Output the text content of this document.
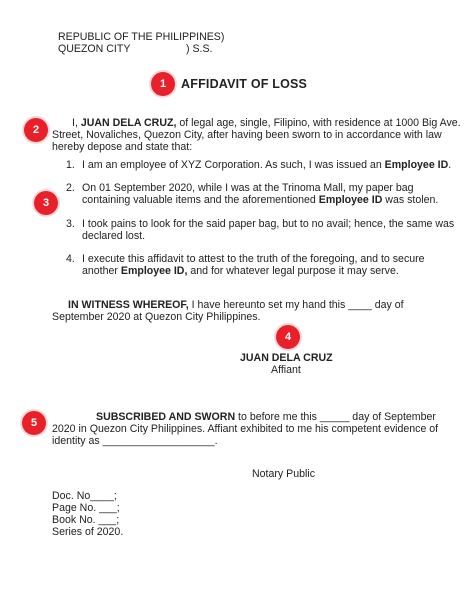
REPUBLIC OF THE PHILIPPINES)
QUEZON CITY	) S.S.
1	AFFIDAVIT OF LOSS
2
I, JUAN DELA CRUZ, of legal age, single, Filipino, with residence at 1000 Big Ave.
Street, Novaliches, Quezon City, after having been sworn to in accordance with law
hereby depose and state that:
1. I am an employee of XYZ Corporation. As such, I was issued an Employee ID.
3
2. On 01 September 2020, while I was at the Trinoma Mall, my paper bag
containing valuable items and the aforementioned Employee ID was stolen.
3. I took pains to look for the said paper bag, but to no avail; hence, the same was
declared lost.
4. I execute this affidavit to attest to the truth of the foregoing, and to secure
another Employee ID, and for whatever legal purpose it may serve.
IN WITNESS WHEREOF, I have hereunto set my hand this ____ day of
September 2020 at Quezon City Philippines.
4
JUAN DELA CRUZ
Affiant
5	SUBSCRIBED AND SWORN to before me this _____ day of September
2020 in Quezon City Philippines. Affiant exhibited to me his competent evidence of
identity as ___________________.
Notary Public
Doc. No____;
Page No. ___;
Book No. ___;
Series of 2020.
